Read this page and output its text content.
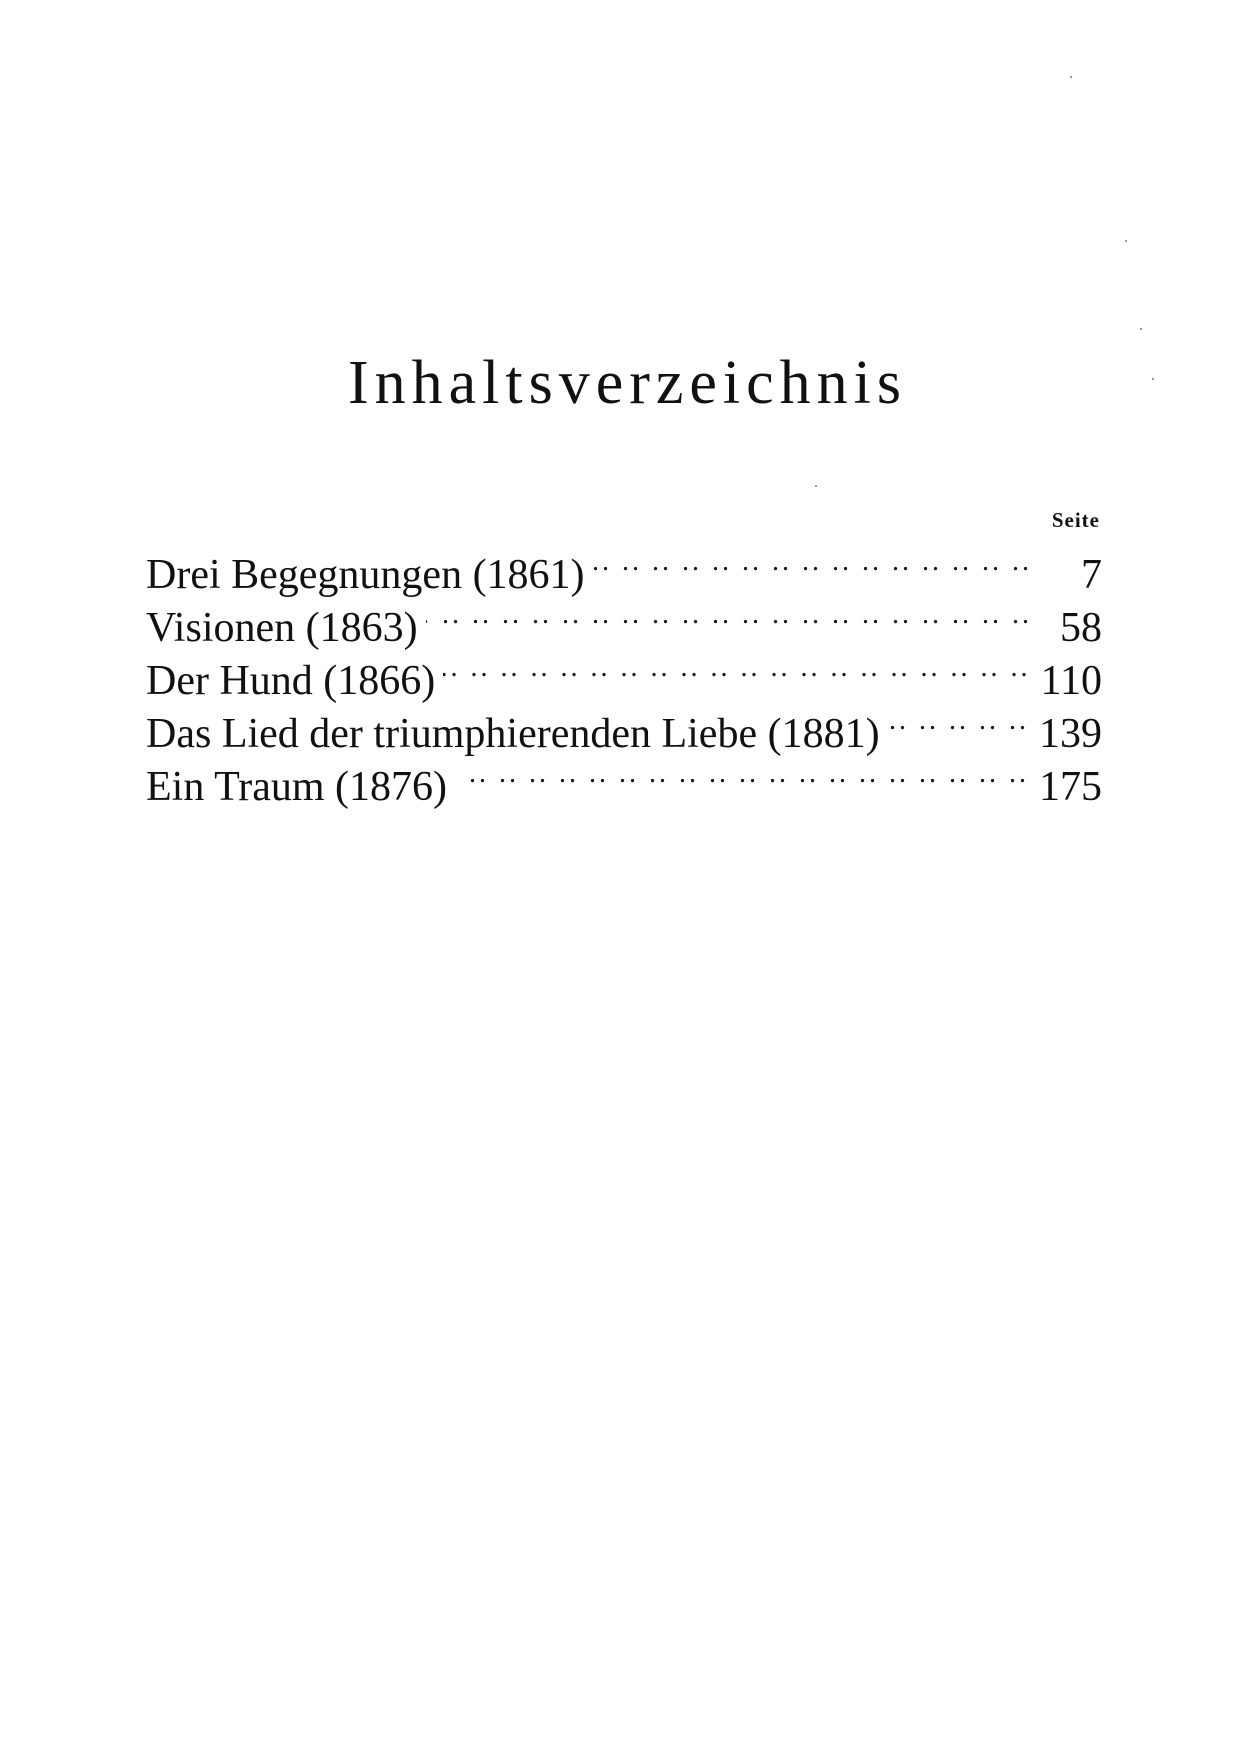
Inhaltsverzeichnis
Seite
Drei Begegnungen (1861) .. ..	7
Visionen (1863) .. ..	58
Der Hund (1866) .. ..	110
Das Lied der triumphierenden Liebe (1881) .. ..	139
Ein Traum (1876) .. ..	175
